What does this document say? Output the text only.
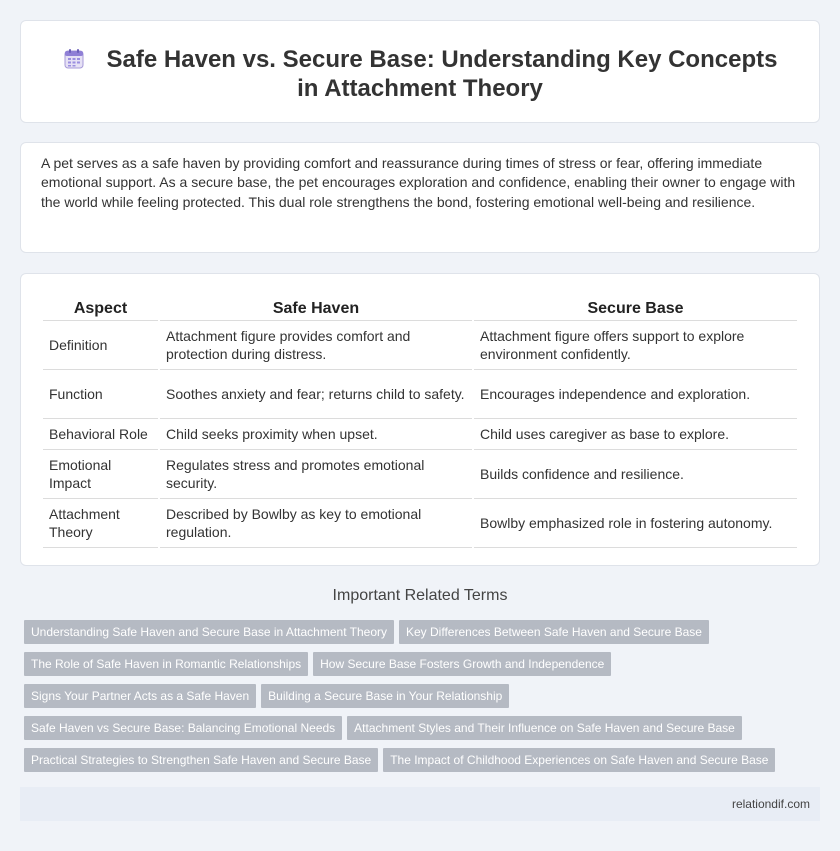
Safe Haven vs. Secure Base: Understanding Key Concepts in Attachment Theory

A pet serves as a safe haven by providing comfort and reassurance during times of stress or fear, offering immediate emotional support. As a secure base, the pet encourages exploration and confidence, enabling their owner to engage with the world while feeling protected. This dual role strengthens the bond, fostering emotional well-being and resilience.

Aspect	Safe Haven	Secure Base
Definition	Attachment figure provides comfort and protection during distress.	Attachment figure offers support to explore environment confidently.
Function	Soothes anxiety and fear; returns child to safety.	Encourages independence and exploration.
Behavioral Role	Child seeks proximity when upset.	Child uses caregiver as base to explore.
Emotional Impact	Regulates stress and promotes emotional security.	Builds confidence and resilience.
Attachment Theory	Described by Bowlby as key to emotional regulation.	Bowlby emphasized role in fostering autonomy.
Important Related Terms
Understanding Safe Haven and Secure Base in Attachment Theory Key Differences Between Safe Haven and Secure Base
The Role of Safe Haven in Romantic Relationships How Secure Base Fosters Growth and Independence
Signs Your Partner Acts as a Safe Haven Building a Secure Base in Your Relationship
Safe Haven vs Secure Base: Balancing Emotional Needs Attachment Styles and Their Influence on Safe Haven and Secure Base
Practical Strategies to Strengthen Safe Haven and Secure Base The Impact of Childhood Experiences on Safe Haven and Secure Base
relationdif.com
